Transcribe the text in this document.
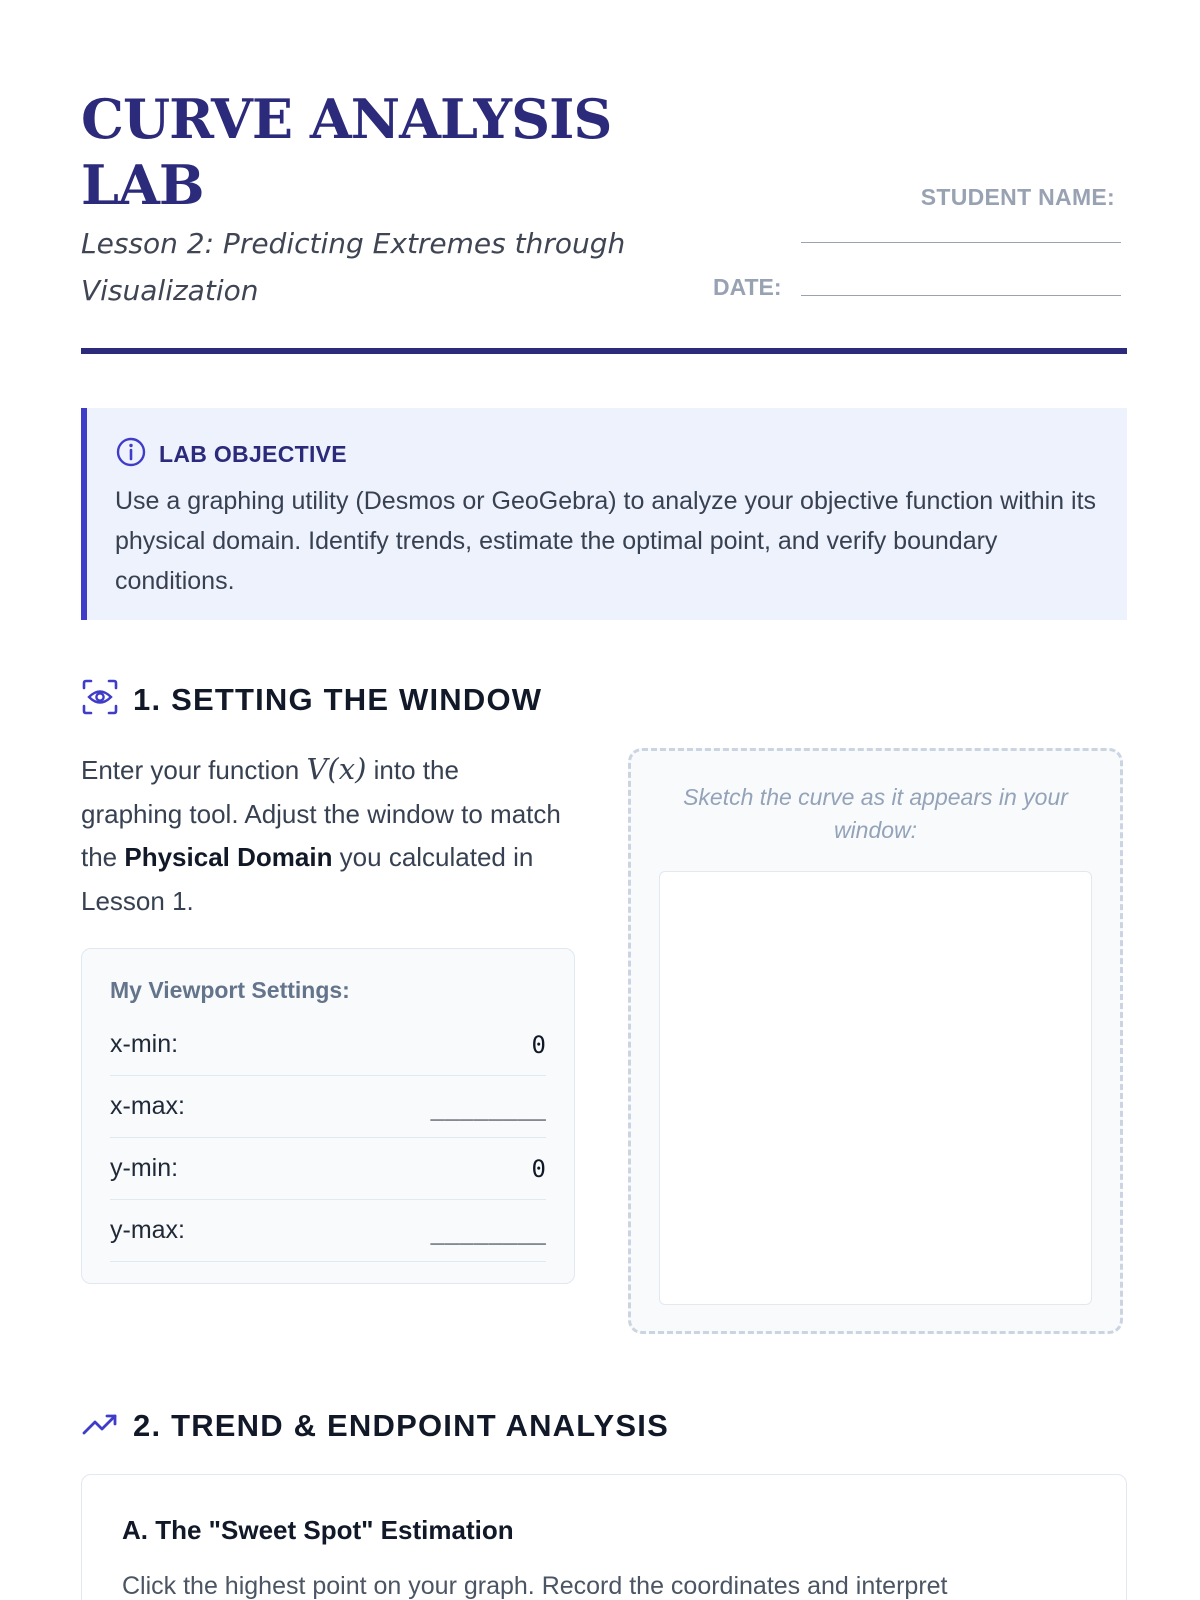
CURVE ANALYSIS LAB
Lesson 2: Predicting Extremes through Visualization
STUDENT NAME:
DATE:
LAB OBJECTIVE

Use a graphing utility (Desmos or GeoGebra) to analyze your objective function within its physical domain. Identify trends, estimate the optimal point, and verify boundary conditions.

1. SETTING THE WINDOW

Enter your function V(x) into the graphing tool. Adjust the window to match the Physical Domain you calculated in Lesson 1.

My Viewport Settings:
x-min:	0
x-max:	________
y-min:	0
y-max:	________
Sketch the curve as it appears in your window:
2. TREND & ENDPOINT ANALYSIS
A. The "Sweet Spot" Estimation
Click the highest point on your graph. Record the coordinates and interpret
